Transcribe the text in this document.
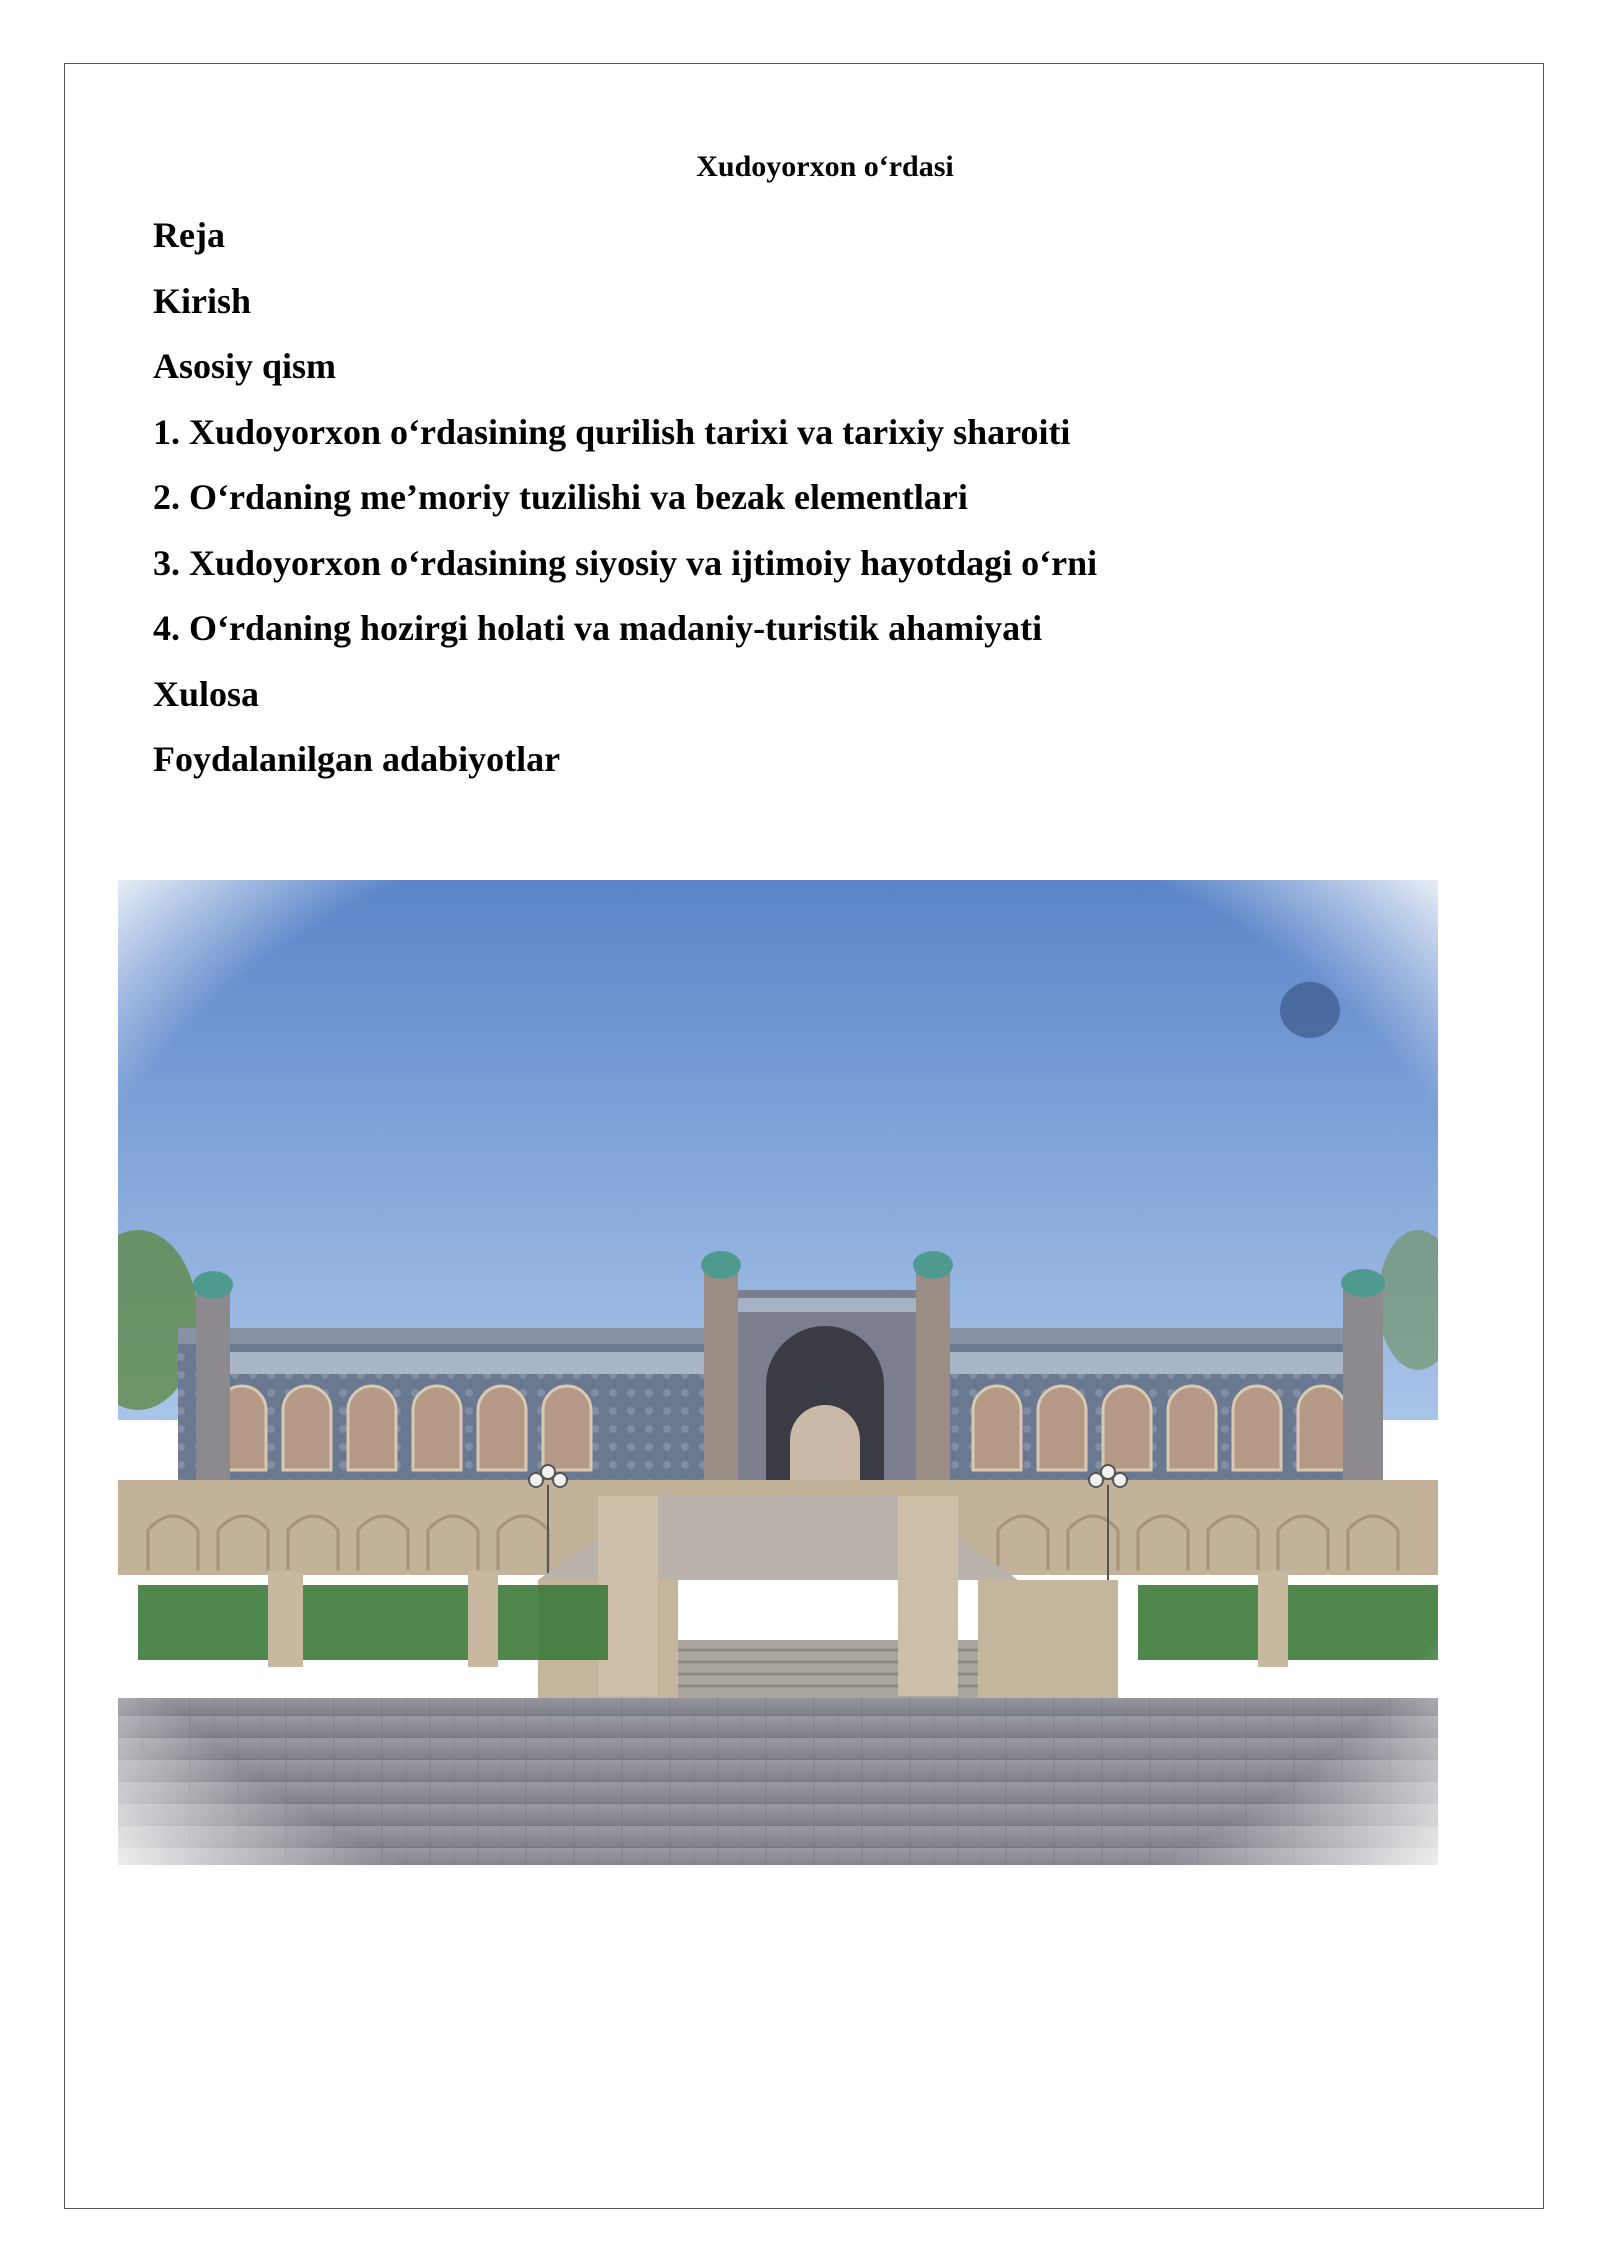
Xudoyorxon o‘rdasi
Reja
Kirish
Asosiy qism
1. Xudoyorxon o‘rdasining qurilish tarixi va tarixiy sharoiti
2. O‘rdaning me’moriy tuzilishi va bezak elementlari
3. Xudoyorxon o‘rdasining siyosiy va ijtimoiy hayotdagi o‘rni
4. O‘rdaning hozirgi holati va madaniy-turistik ahamiyati
Xulosa
Foydalanilgan adabiyotlar
